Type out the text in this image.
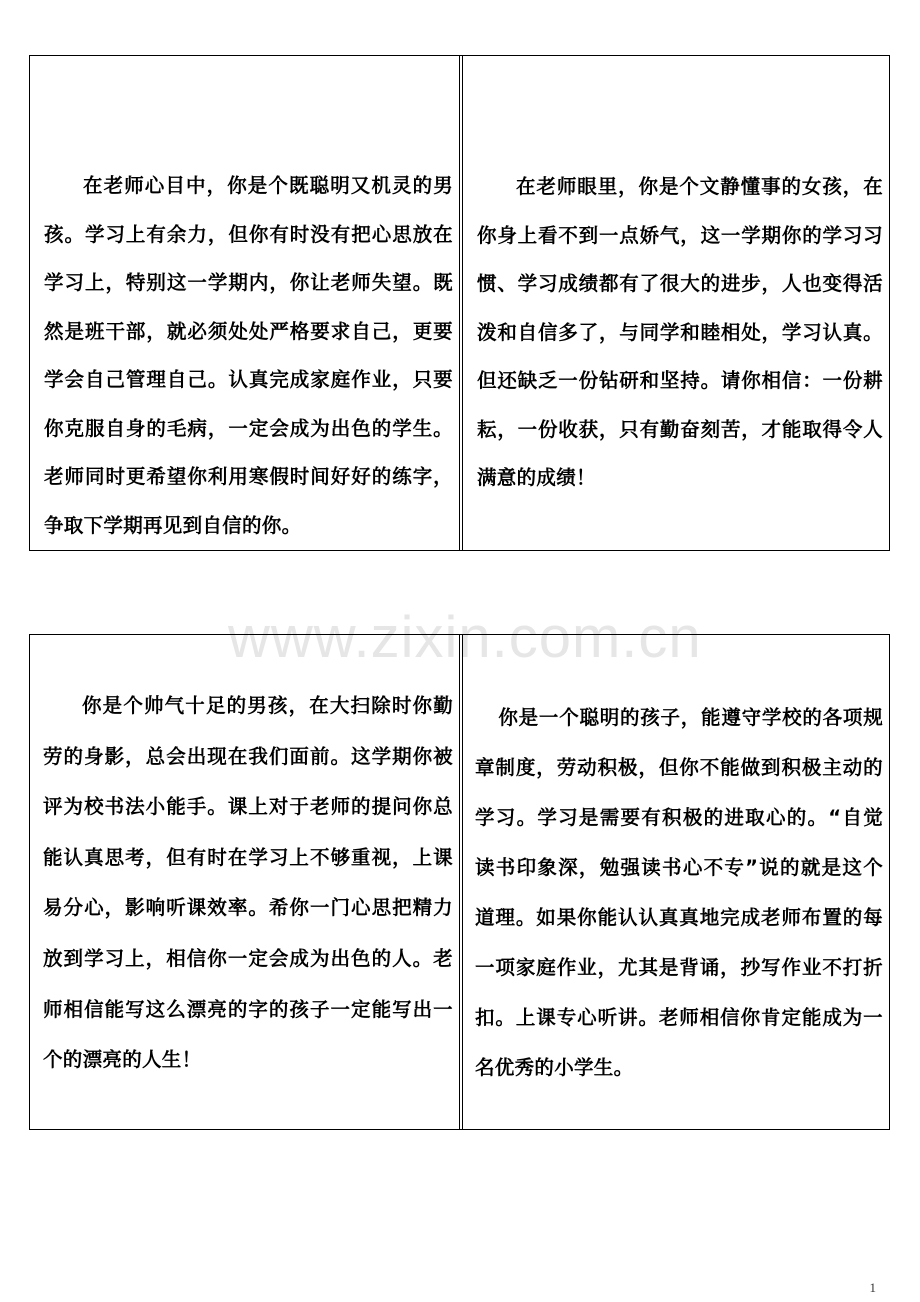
在老师心目中，你是个既聪明又机灵的男孩。学习上有余力，但你有时没有把心思放在学习上，特别这一学期内，你让老师失望。既然是班干部，就必须处处严格要求自己，更要学会自己管理自己。认真完成家庭作业，只要你克服自身的毛病，一定会成为出色的学生。老师同时更希望你利用寒假时间好好的练字，争取下学期再见到自信的你。

在老师眼里，你是个文静懂事的女孩，在你身上看不到一点娇气，这一学期你的学习习惯、学习成绩都有了很大的进步，人也变得活泼和自信多了，与同学和睦相处，学习认真。但还缺乏一份钻研和坚持。请你相信：一份耕耘，一份收获，只有勤奋刻苦，才能取得令人满意的成绩！

www.zixin.com.cn

你是个帅气十足的男孩，在大扫除时你勤劳的身影，总会出现在我们面前。这学期你被评为校书法小能手。课上对于老师的提问你总能认真思考，但有时在学习上不够重视，上课易分心，影响听课效率。希你一门心思把精力放到学习上，相信你一定会成为出色的人。老师相信能写这么漂亮的字的孩子一定能写出一个的漂亮的人生！

你是一个聪明的孩子，能遵守学校的各项规章制度，劳动积极，但你不能做到积极主动的学习。学习是需要有积极的进取心的。“自觉读书印象深，勉强读书心不专”说的就是这个道理。如果你能认认真真地完成老师布置的每一项家庭作业，尤其是背诵，抄写作业不打折扣。上课专心听讲。老师相信你肯定能成为一名优秀的小学生。

1
